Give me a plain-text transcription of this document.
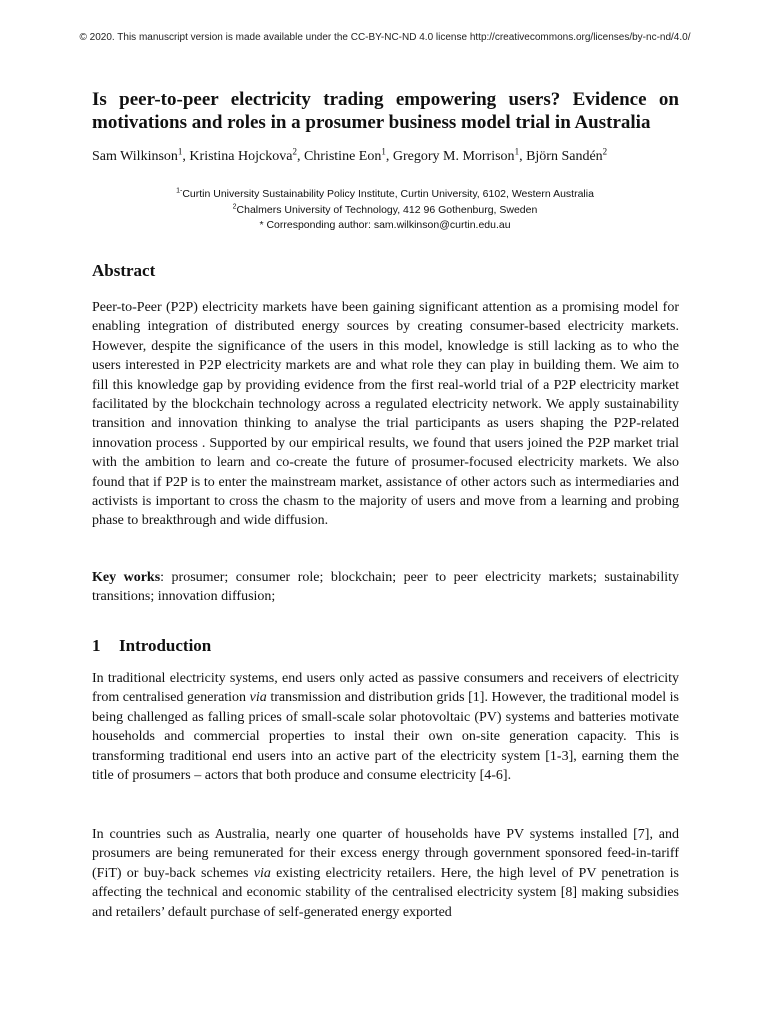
© 2020. This manuscript version is made available under the CC-BY-NC-ND 4.0 license http://creativecommons.org/licenses/by-nc-nd/4.0/
Is peer-to-peer electricity trading empowering users? Evidence on
motivations and roles in a prosumer business model trial in Australia
Sam Wilkinson$^1$, Kristina Hojckova$^2$, Christine Eon$^1$, Gregory M. Morrison$^1$, Björn Sandén$^2$
$^{1-}$Curtin University Sustainability Policy Institute, Curtin University, 6102, Western Australia
$^2$Chalmers University of Technology, 412 96 Gothenburg, Sweden
* Corresponding author: sam.wilkinson@curtin.edu.au
Abstract

Peer-to-Peer (P2P) electricity markets have been gaining significant attention as a promising model for enabling integration of distributed energy sources by creating consumer-based electricity markets. However, despite the significance of the users in this model, knowledge is still lacking as to who the users interested in P2P electricity markets are and what role they can play in building them. We aim to fill this knowledge gap by providing evidence from the first real-world trial of a P2P electricity market facilitated by the blockchain technology across a regulated electricity network. We apply sustainability transition and innovation thinking to analyse the trial participants as users shaping the P2P-related innovation process . Supported by our empirical results, we found that users joined the P2P market trial with the ambition to learn and co-create the future of prosumer-focused electricity markets. We also found that if P2P is to enter the mainstream market, assistance of other actors such as intermediaries and activists is important to cross the chasm to the majority of users and move from a learning and probing phase to breakthrough and wide diffusion.

Key works: prosumer; consumer role; blockchain; peer to peer electricity markets; sustainability transitions; innovation diffusion;

1 Introduction

In traditional electricity systems, end users only acted as passive consumers and receivers of electricity from centralised generation via transmission and distribution grids [1]. However, the traditional model is being challenged as falling prices of small-scale solar photovoltaic (PV) systems and batteries motivate households and commercial properties to instal their own on-site generation capacity. This is transforming traditional end users into an active part of the electricity system [1-3], earning them the title of prosumers – actors that both produce and consume electricity [4-6].

In countries such as Australia, nearly one quarter of households have PV systems installed [7], and prosumers are being remunerated for their excess energy through government sponsored feed-in-tariff (FiT) or buy-back schemes via existing electricity retailers. Here, the high level of PV penetration is affecting the technical and economic stability of the centralised electricity system [8] making subsidies and retailers’ default purchase of self-generated energy exported
